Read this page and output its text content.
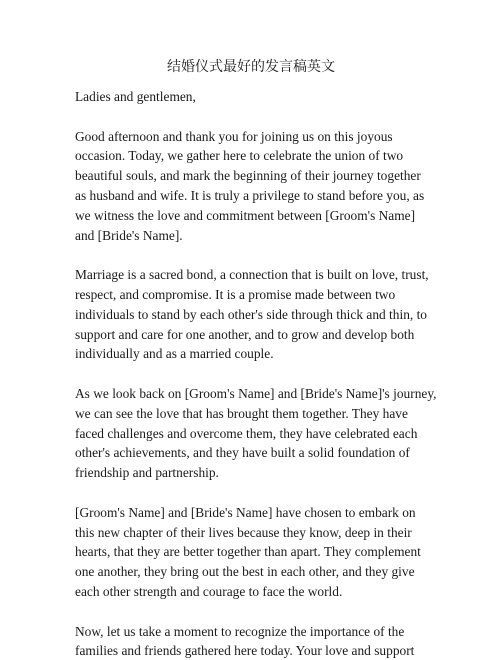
结婚仪式最好的发言稿英文
Ladies and gentlemen,
Good afternoon and thank you for joining us on this joyous
occasion. Today, we gather here to celebrate the union of two
beautiful souls, and mark the beginning of their journey together
as husband and wife. It is truly a privilege to stand before you, as
we witness the love and commitment between [Groom's Name]
and [Bride's Name].
Marriage is a sacred bond, a connection that is built on love, trust,
respect, and compromise. It is a promise made between two
individuals to stand by each other's side through thick and thin, to
support and care for one another, and to grow and develop both
individually and as a married couple.
As we look back on [Groom's Name] and [Bride's Name]'s journey,
we can see the love that has brought them together. They have
faced challenges and overcome them, they have celebrated each
other's achievements, and they have built a solid foundation of
friendship and partnership.
[Groom's Name] and [Bride's Name] have chosen to embark on
this new chapter of their lives because they know, deep in their
hearts, that they are better together than apart. They complement
one another, they bring out the best in each other, and they give
each other strength and courage to face the world.
Now, let us take a moment to recognize the importance of the
families and friends gathered here today. Your love and support
